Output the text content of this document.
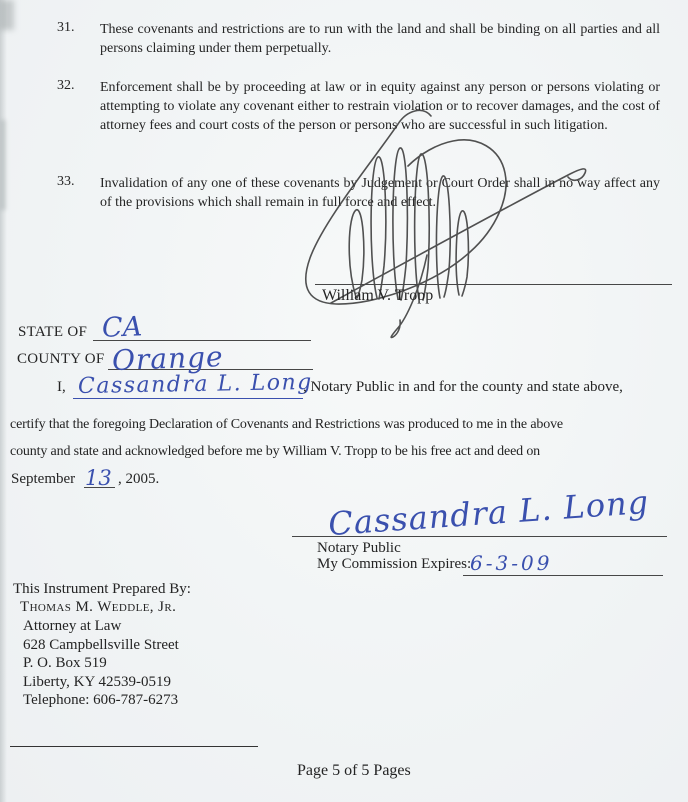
31. These covenants and restrictions are to run with the land and shall be binding on all parties and all persons claiming under them perpetually.
32. Enforcement shall be by proceeding at law or in equity against any person or persons violating or attempting to violate any covenant either to restrain violation or to recover damages, and the cost of attorney fees and court costs of the person or persons who are successful in such litigation.
33. Invalidation of any one of these covenants by Judgement or Court Order shall in no way affect any of the provisions which shall remain in full force and effect.
William V. Tropp
STATE OF CA
COUNTY OF Orange
I, Cassandra L. Long
, Notary Public in and for the county and state above,
certify that the foregoing Declaration of Covenants and Restrictions was produced to me in the above
county and state and acknowledged before me by William V. Tropp to be his free act and deed on
September 13 , 2005.
Cassandra L. Long
Notary Public
My Commission Expires:
6-3-09
This Instrument Prepared By:
Thomas M. Weddle, Jr.
Attorney at Law
628 Campbellsville Street
P. O. Box 519
Liberty, KY 42539-0519
Telephone: 606-787-6273
Page 5 of 5 Pages
